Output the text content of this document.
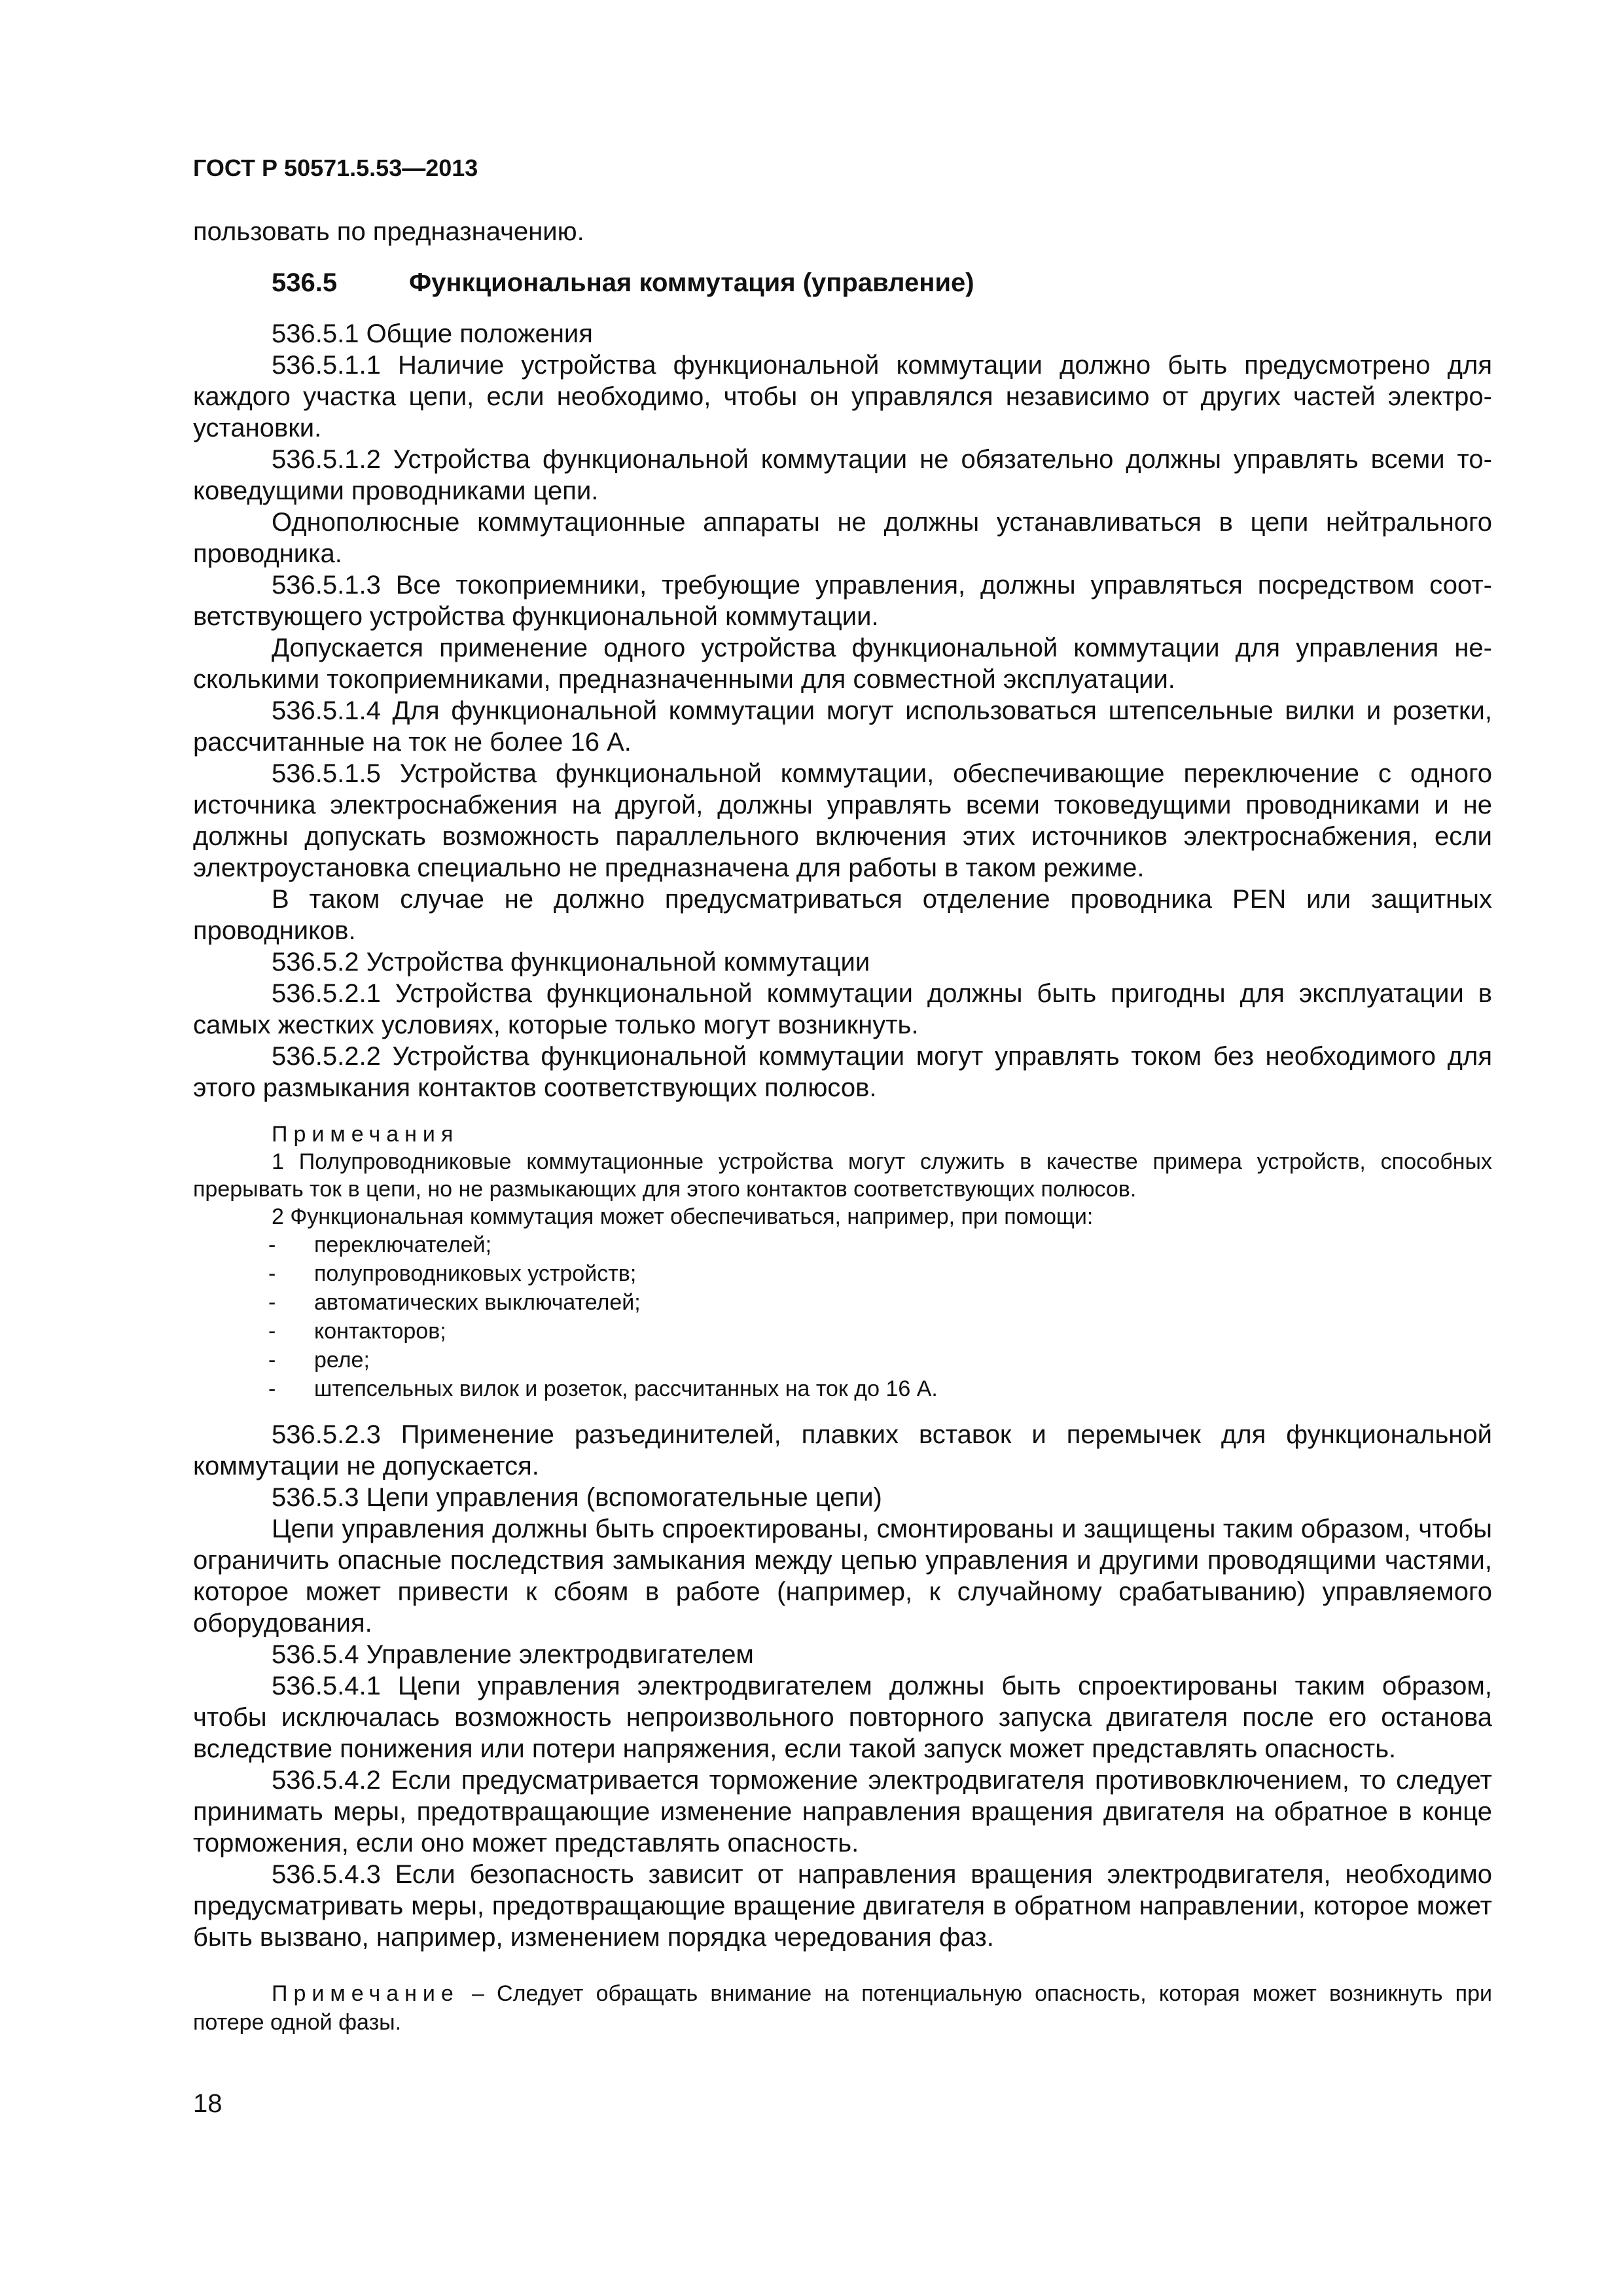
ГОСТ Р 50571.5.53—2013

пользовать по предназначению.

536.5	Функциональная коммутация (управление)

536.5.1 Общие положения

536.5.1.1 Наличие устройства функциональной коммутации должно быть предусмотрено для каждого участка цепи, если необходимо, чтобы он управлялся независимо от других частей электроустановки.

536.5.1.2 Устройства функциональной коммутации не обязательно должны управлять всеми токоведущими проводниками цепи.

Однополюсные коммутационные аппараты не должны устанавливаться в цепи нейтрального проводника.

536.5.1.3 Все токоприемники, требующие управления, должны управляться посредством соответствующего устройства функциональной коммутации.

Допускается применение одного устройства функциональной коммутации для управления несколькими токоприемниками, предназначенными для совместной эксплуатации.

536.5.1.4 Для функциональной коммутации могут использоваться штепсельные вилки и розетки, рассчитанные на ток не более 16 А.

536.5.1.5 Устройства функциональной коммутации, обеспечивающие переключение с одного источника электроснабжения на другой, должны управлять всеми токоведущими проводниками и не должны допускать возможность параллельного включения этих источников электроснабжения, если электроустановка специально не предназначена для работы в таком режиме.

В таком случае не должно предусматриваться отделение проводника PEN или защитных проводников.

536.5.2 Устройства функциональной коммутации

536.5.2.1 Устройства функциональной коммутации должны быть пригодны для эксплуатации в самых жестких условиях, которые только могут возникнуть.

536.5.2.2 Устройства функциональной коммутации могут управлять током без необходимого для этого размыкания контактов соответствующих полюсов.

Примечания

1 Полупроводниковые коммутационные устройства могут служить в качестве примера устройств, способных прерывать ток в цепи, но не размыкающих для этого контактов соответствующих полюсов.

2 Функциональная коммутация может обеспечиваться, например, при помощи:

- переключателей;
- полупроводниковых устройств;
- автоматических выключателей;
- контакторов;
- реле;
- штепсельных вилок и розеток, рассчитанных на ток до 16 А.

536.5.2.3 Применение разъединителей, плавких вставок и перемычек для функциональной коммутации не допускается.

536.5.3 Цепи управления (вспомогательные цепи)

Цепи управления должны быть спроектированы, смонтированы и защищены таким образом, чтобы ограничить опасные последствия замыкания между цепью управления и другими проводящими частями, которое может привести к сбоям в работе (например, к случайному срабатыванию) управляемого оборудования.

536.5.4 Управление электродвигателем

536.5.4.1 Цепи управления электродвигателем должны быть спроектированы таким образом, чтобы исключалась возможность непроизвольного повторного запуска двигателя после его останова вследствие понижения или потери напряжения, если такой запуск может представлять опасность.

536.5.4.2 Если предусматривается торможение электродвигателя противовключением, то следует принимать меры, предотвращающие изменение направления вращения двигателя на обратное в конце торможения, если оно может представлять опасность.

536.5.4.3 Если безопасность зависит от направления вращения электродвигателя, необходимо предусматривать меры, предотвращающие вращение двигателя в обратном направлении, которое может быть вызвано, например, изменением порядка чередования фаз.

Примечание – Следует обращать внимание на потенциальную опасность, которая может возникнуть при потере одной фазы.

18
